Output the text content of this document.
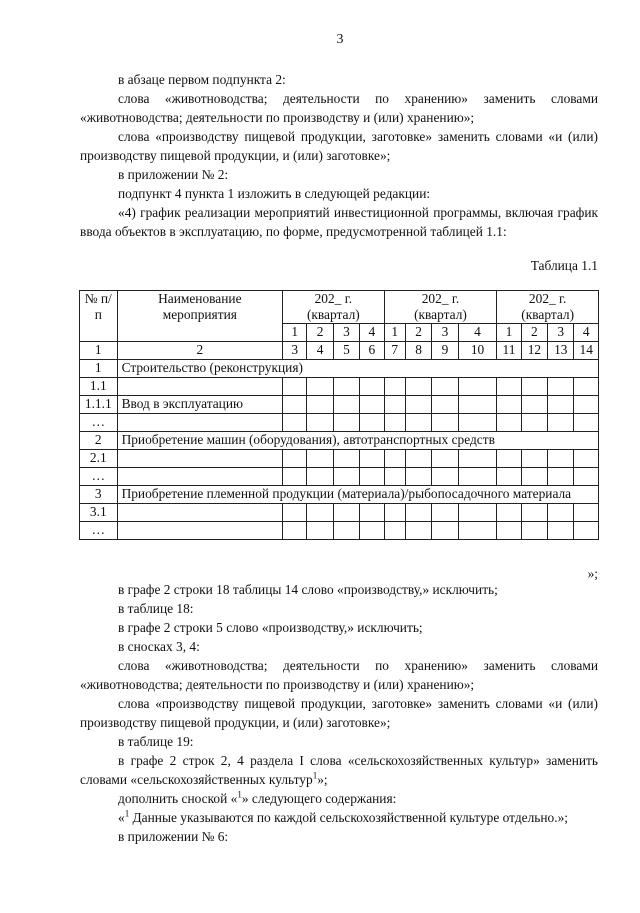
3

в абзаце первом подпункта 2:

слова «животноводства; деятельности по хранению» заменить словами «животноводства; деятельности по производству и (или) хранению»;

слова «производству пищевой продукции, заготовке» заменить словами «и (или) производству пищевой продукции, и (или) заготовке»;

в приложении № 2:

подпункт 4 пункта 1 изложить в следующей редакции:

«4) график реализации мероприятий инвестиционной программы, включая график ввода объектов в эксплуатацию, по форме, предусмотренной таблицей 1.1:

Таблица 1.1
№ п/п	Наименование мероприятия	202_ г.
(квартал)				202_ г.
(квартал)				202_ г.
(квартал)			
		1	2	3	4	1	2	3	4	1	2	3	4
1	2	3	4	5	6	7	8	9	10	11	12	13	14
1	Строительство (реконструкция)												
1.1													
1.1.1	Ввод в эксплуатацию												
…													
2	Приобретение машин (оборудования), автотранспортных средств												
2.1													
…													
3	Приобретение племенной продукции (материала)/рыбопосадочного материала												
3.1													
…													
»;

в графе 2 строки 18 таблицы 14 слово «производству,» исключить;

в таблице 18:

в графе 2 строки 5 слово «производству,» исключить;

в сносках 3, 4:

слова «животноводства; деятельности по хранению» заменить словами «животноводства; деятельности по производству и (или) хранению»;

слова «производству пищевой продукции, заготовке» заменить словами «и (или) производству пищевой продукции, и (или) заготовке»;

в таблице 19:

в графе 2 строк 2, 4 раздела I слова «сельскохозяйственных культур» заменить словами «сельскохозяйственных культур$^1$»;

дополнить сноской «$^1$» следующего содержания:

«$^1$ Данные указываются по каждой сельскохозяйственной культуре отдельно.»;

в приложении № 6:
